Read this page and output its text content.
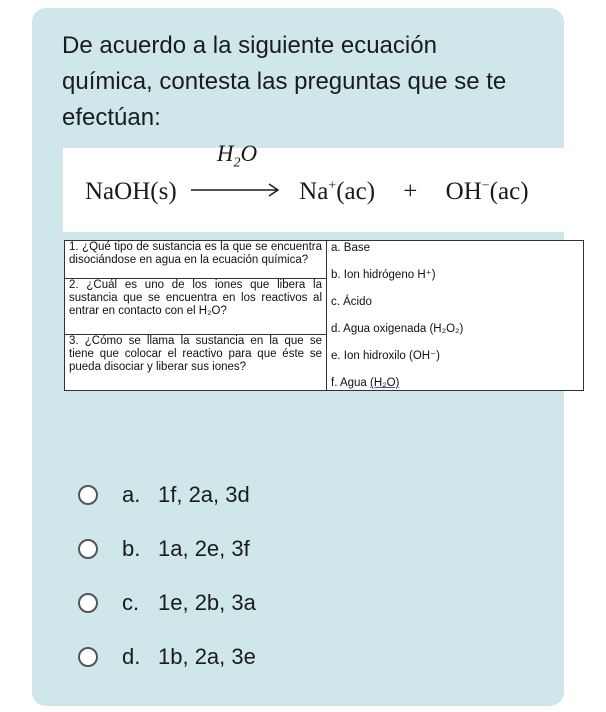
De acuerdo a la siguiente ecuación química, contesta las preguntas que se te efectúan:

NaOH(s)
$H_2O$
Na+(ac) + OH−(ac)
1. ¿Qué tipo de sustancia es la que se encuentra disociándose en agua en la ecuación química?	
a. Base
b. Ion hidrógeno H⁺)
c. Ácido
d. Agua oxigenada (H₂O₂)
e. Ion hidroxilo (OH⁻)
f. Agua (H₂O)

2. ¿Cuál es uno de los iones que libera la sustancia que se encuentra en los reactivos al entrar en contacto con el H₂O?
3. ¿Cómo se llama la sustancia en la que se tiene que colocar el reactivo para que éste se pueda disociar y liberar sus iones?
a. 1f, 2a, 3d
b. 1a, 2e, 3f
c. 1e, 2b, 3a
d. 1b, 2a, 3e
